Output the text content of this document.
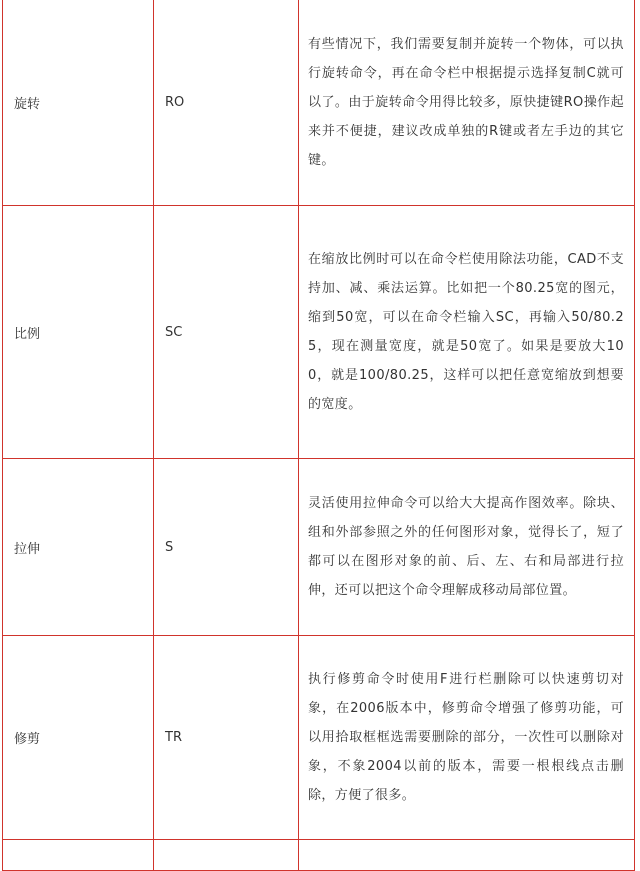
旋转	RO	有些情况下，我们需要复制并旋转一个物体，可以执行旋转命令，再在命令栏中根据提示选择复制C就可以了。由于旋转命令用得比较多，原快捷键RO操作起来并不便捷，建议改成单独的R键或者左手边的其它键。

比例	SC	在缩放比例时可以在命令栏使用除法功能，CAD不支持加、减、乘法运算。比如把一个80.25宽的图元，缩到50宽，可以在命令栏输入SC，再输入50/80.25，现在测量宽度，就是50宽了。如果是要放大100，就是100/80.25，这样可以把任意宽缩放到想要的宽度。

拉伸	S	灵活使用拉伸命令可以给大大提高作图效率。除块、组和外部参照之外的任何图形对象，觉得长了，短了都可以在图形对象的前、后、左、右和局部进行拉伸，还可以把这个命令理解成移动局部位置。

修剪	TR	执行修剪命令时使用F进行栏删除可以快速剪切对象，在2006版本中，修剪命令增强了修剪功能，可以用拾取框框选需要删除的部分，一次性可以删除对象，不象2004以前的版本，需要一根根线点击删除，方便了很多。
